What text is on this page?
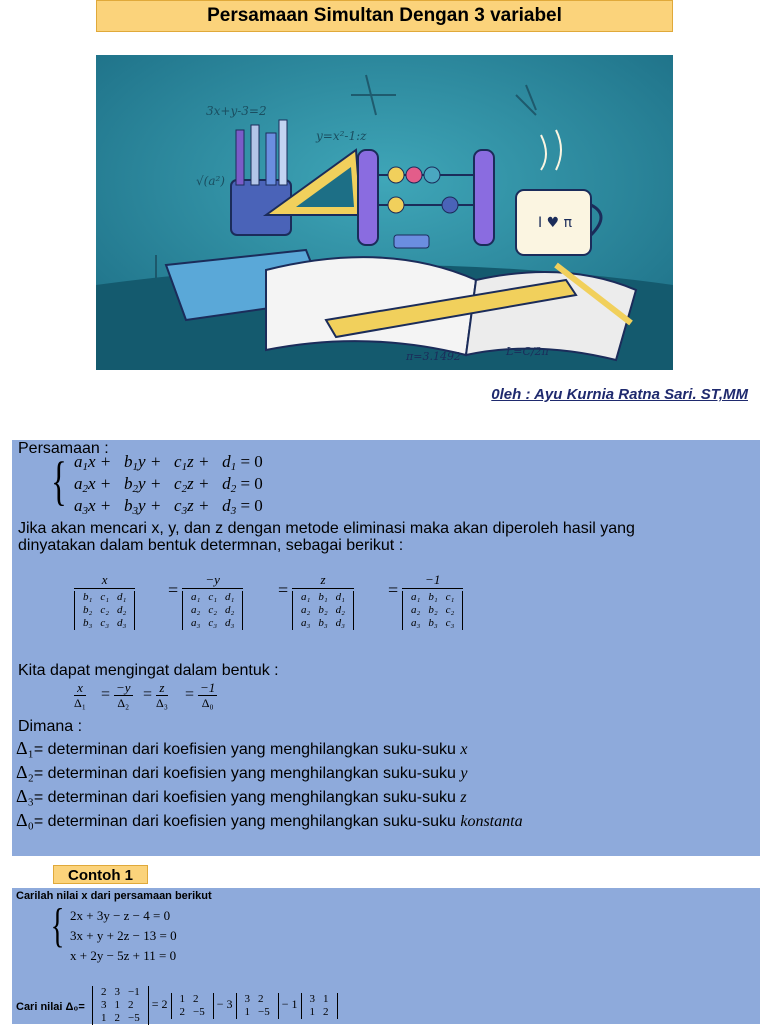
Persamaan Simultan Dengan 3 variabel
3x+y-3=2
y=x²-1:z
√(a²)
I ♥ π
π=3.1492	L=C/2π
0leh : Ayu Kurnia Ratna Sari. ST,MM
Persamaan :
{ $a_1x + b_1y + c_1z + d_1 = 0$
$a_2x + b_2y + c_2z + d_2 = 0$
$a_3x + b_3y + c_3z + d_3 = 0$
Jika akan mencari x, y, dan z dengan metode eliminasi maka akan diperoleh hasil yang
dinyatakan dalam bentuk determnan, sebagai berikut :
x
b₁	c₁	d₁
b₂	c₂	d₂
b₃	c₃	d₃
=
−y
a₁	c₁	d₁
a₂	c₂	d₂
a₃	c₃	d₃
=
z
a₁	b₁	d₁
a₂	b₂	d₂
a₃	b₃	d₃
=
−1
a₁	b₁	c₁
a₂	b₂	c₂
a₃	b₃	c₃
Kita dapat mengingat dalam bentuk :
$\frac{x}{\text{Δ₁}} = \frac{-y}{\text{Δ₂}} = \frac{z}{\text{Δ₃}} = \frac{-1}{\text{Δ₀}}$
Dimana :
Δ₁= determinan dari koefisien yang menghilangkan suku-suku x
Δ₂= determinan dari koefisien yang menghilangkan suku-suku y
Δ₃= determinan dari koefisien yang menghilangkan suku-suku z
Δ₀= determinan dari koefisien yang menghilangkan suku-suku konstanta
Contoh 1
Carilah nilai x dari persamaan berikut
{ 2x + 3y − z − 4 = 0
3x + y + 2z − 13 = 0
x + 2y − 5z + 11 = 0
Cari nilai Δ₀=
2	3	−1
3	1	2
1	2	−5
= 2 1	2
2	−5
− 3 3	2
1	−5
− 1 3	1
1	2
